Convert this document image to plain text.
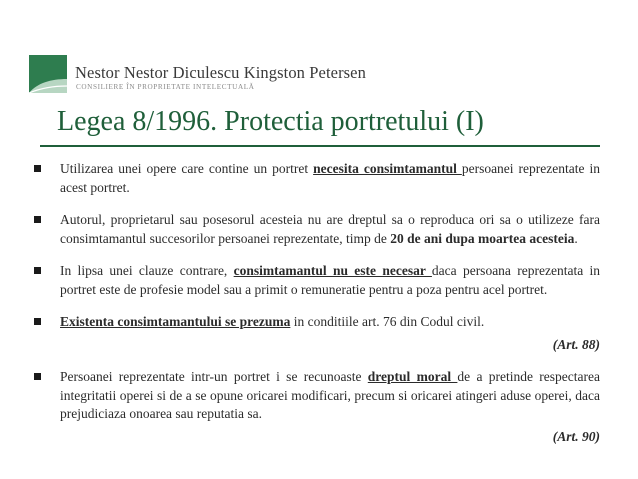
Nestor Nestor Diculescu Kingston Petersen
CONSILIERE ÎN PROPRIETATE INTELECTUALĂ
Legea 8/1996. Protectia portretului (I)
Utilizarea unei opere care contine un portret necesita consimtamantul persoanei reprezentate in acest portret.
Autorul, proprietarul sau posesorul acesteia nu are dreptul sa o reproduca ori sa o utilizeze fara consimtamantul succesorilor persoanei reprezentate, timp de 20 de ani dupa moartea acesteia.
In lipsa unei clauze contrare, consimtamantul nu este necesar daca persoana reprezentata in portret este de profesie model sau a primit o remuneratie pentru a poza pentru acel portret.
Existenta consimtamantului se prezuma in conditiile art. 76 din Codul civil.
(Art. 88)
Persoanei reprezentate intr-un portret i se recunoaste dreptul moral de a pretinde respectarea integritatii operei si de a se opune oricarei modificari, precum si oricarei atingeri aduse operei, daca prejudiciaza onoarea sau reputatia sa.
(Art. 90)
